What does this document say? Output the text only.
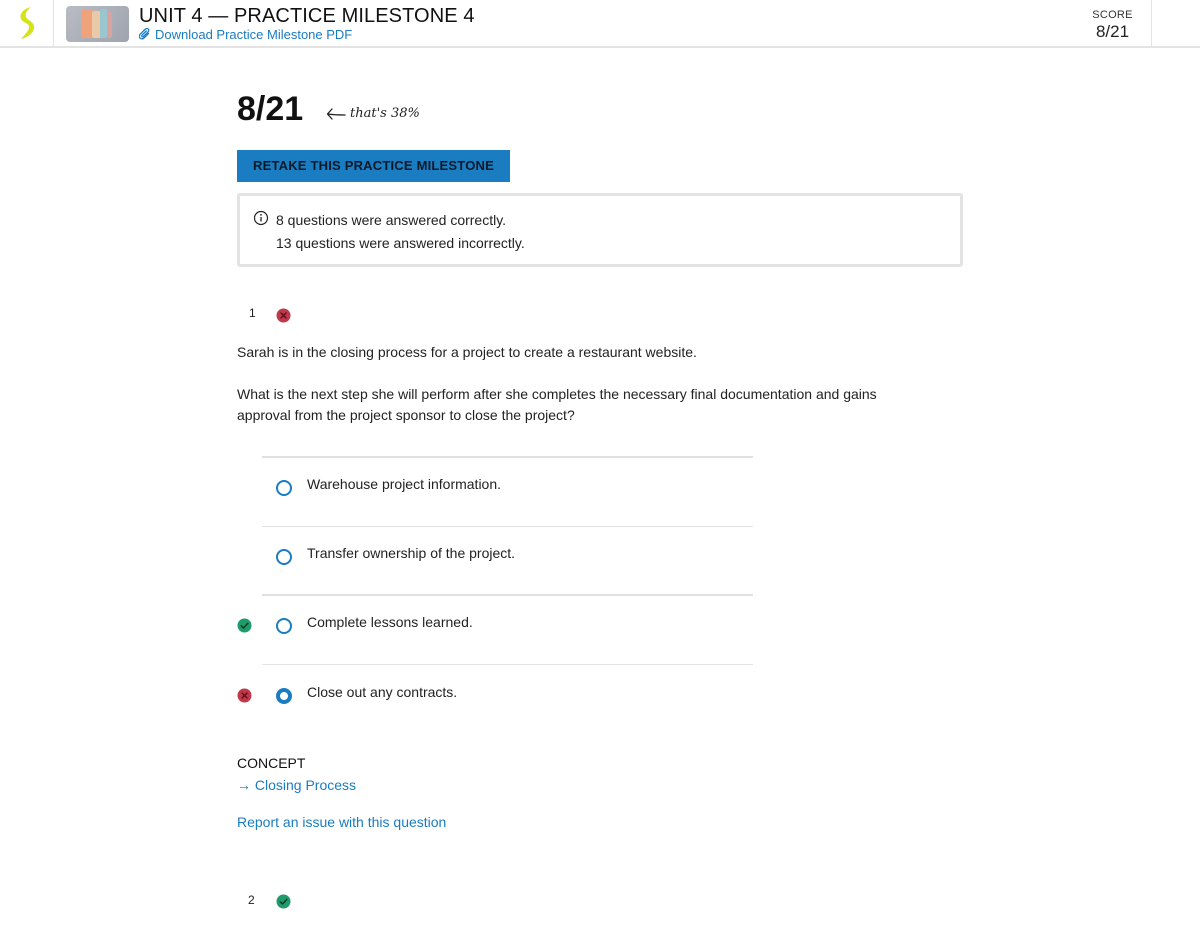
UNIT 4 — PRACTICE MILESTONE 4
Download Practice Milestone PDF
SCORE
8/21
8/21	that's 38%
RETAKE THIS PRACTICE MILESTONE
8 questions were answered correctly.
13 questions were answered incorrectly.
1
Sarah is in the closing process for a project to create a restaurant website.
What is the next step she will perform after she completes the necessary final documentation and gains approval from the project sponsor to close the project?
Warehouse project information.
Transfer ownership of the project.
Complete lessons learned.
Close out any contracts.
CONCEPT
→ Closing Process
Report an issue with this question
2
